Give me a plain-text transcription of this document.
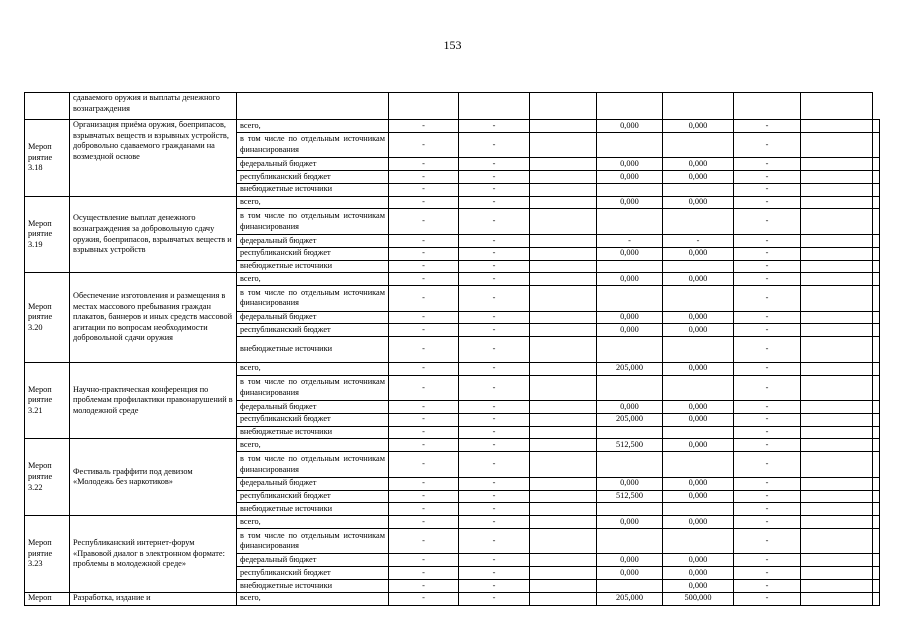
153
	сдаваемого оружия и выплаты денежного вознаграждения									
Мероп риятие 3.18	Организация приёма оружия, боеприпасов, взрывчатых веществ и взрывных устройств, добровольно сдаваемого гражданами на возмездной основе	всего,	-	-		0,000	0,000	-		
		в том числе по отдельным источникам финансирования	-	-				-		
		федеральный бюджет	-	-		0,000	0,000	-		
		республиканский бюджет	-	-		0,000	0,000	-		
		внебюджетные источники	-	-				-		
Мероп риятие 3.19	Осуществление выплат денежного вознаграждения за добровольную сдачу оружия, боеприпасов, взрывчатых веществ и взрывных устройств	всего,	-	-		0,000	0,000	-		
		в том числе по отдельным источникам финансирования	-	-				-		
		федеральный бюджет	-	-		-	-	-		
		республиканский бюджет	-	-		0,000	0,000	-		
		внебюджетные источники	-	-				-		
Мероп риятие 3.20	Обеспечение изготовления и размещения в местах массового пребывания граждан плакатов, баннеров и иных средств массовой агитации по вопросам необходимости добровольной сдачи оружия	всего,	-	-		0,000	0,000	-		
		в том числе по отдельным источникам финансирования	-	-				-		
		федеральный бюджет	-	-		0,000	0,000	-		
		республиканский бюджет	-	-		0,000	0,000	-		
		внебюджетные источники	-	-				-		
Мероп риятие 3.21	Научно-практическая конференция по проблемам профилактики правонарушений в молодежной среде	всего,	-	-		205,000	0,000	-		
		в том числе по отдельным источникам финансирования	-	-				-		
		федеральный бюджет	-	-		0,000	0,000	-		
		республиканский бюджет	-	-		205,000	0,000	-		
		внебюджетные источники	-	-				-		
Мероп риятие 3.22	Фестиваль граффити под девизом «Молодежь без наркотиков»	всего,	-	-		512,500	0,000	-		
		в том числе по отдельным источникам финансирования	-	-				-		
		федеральный бюджет	-	-		0,000	0,000	-		
		республиканский бюджет	-	-		512,500	0,000	-		
		внебюджетные источники	-	-				-		
Мероп риятие 3.23	Республиканский интернет-форум «Правовой диалог в электронном формате: проблемы в молодежной среде»	всего,	-	-		0,000	0,000	-		
		в том числе по отдельным источникам финансирования	-	-				-		
		федеральный бюджет	-	-		0,000	0,000	-		
		республиканский бюджет	-	-		0,000	0,000	-		
		внебюджетные источники	-	-			0,000	-		
Мероп	Разработка, издание и	всего,	-	-		205,000	500,000	-		
